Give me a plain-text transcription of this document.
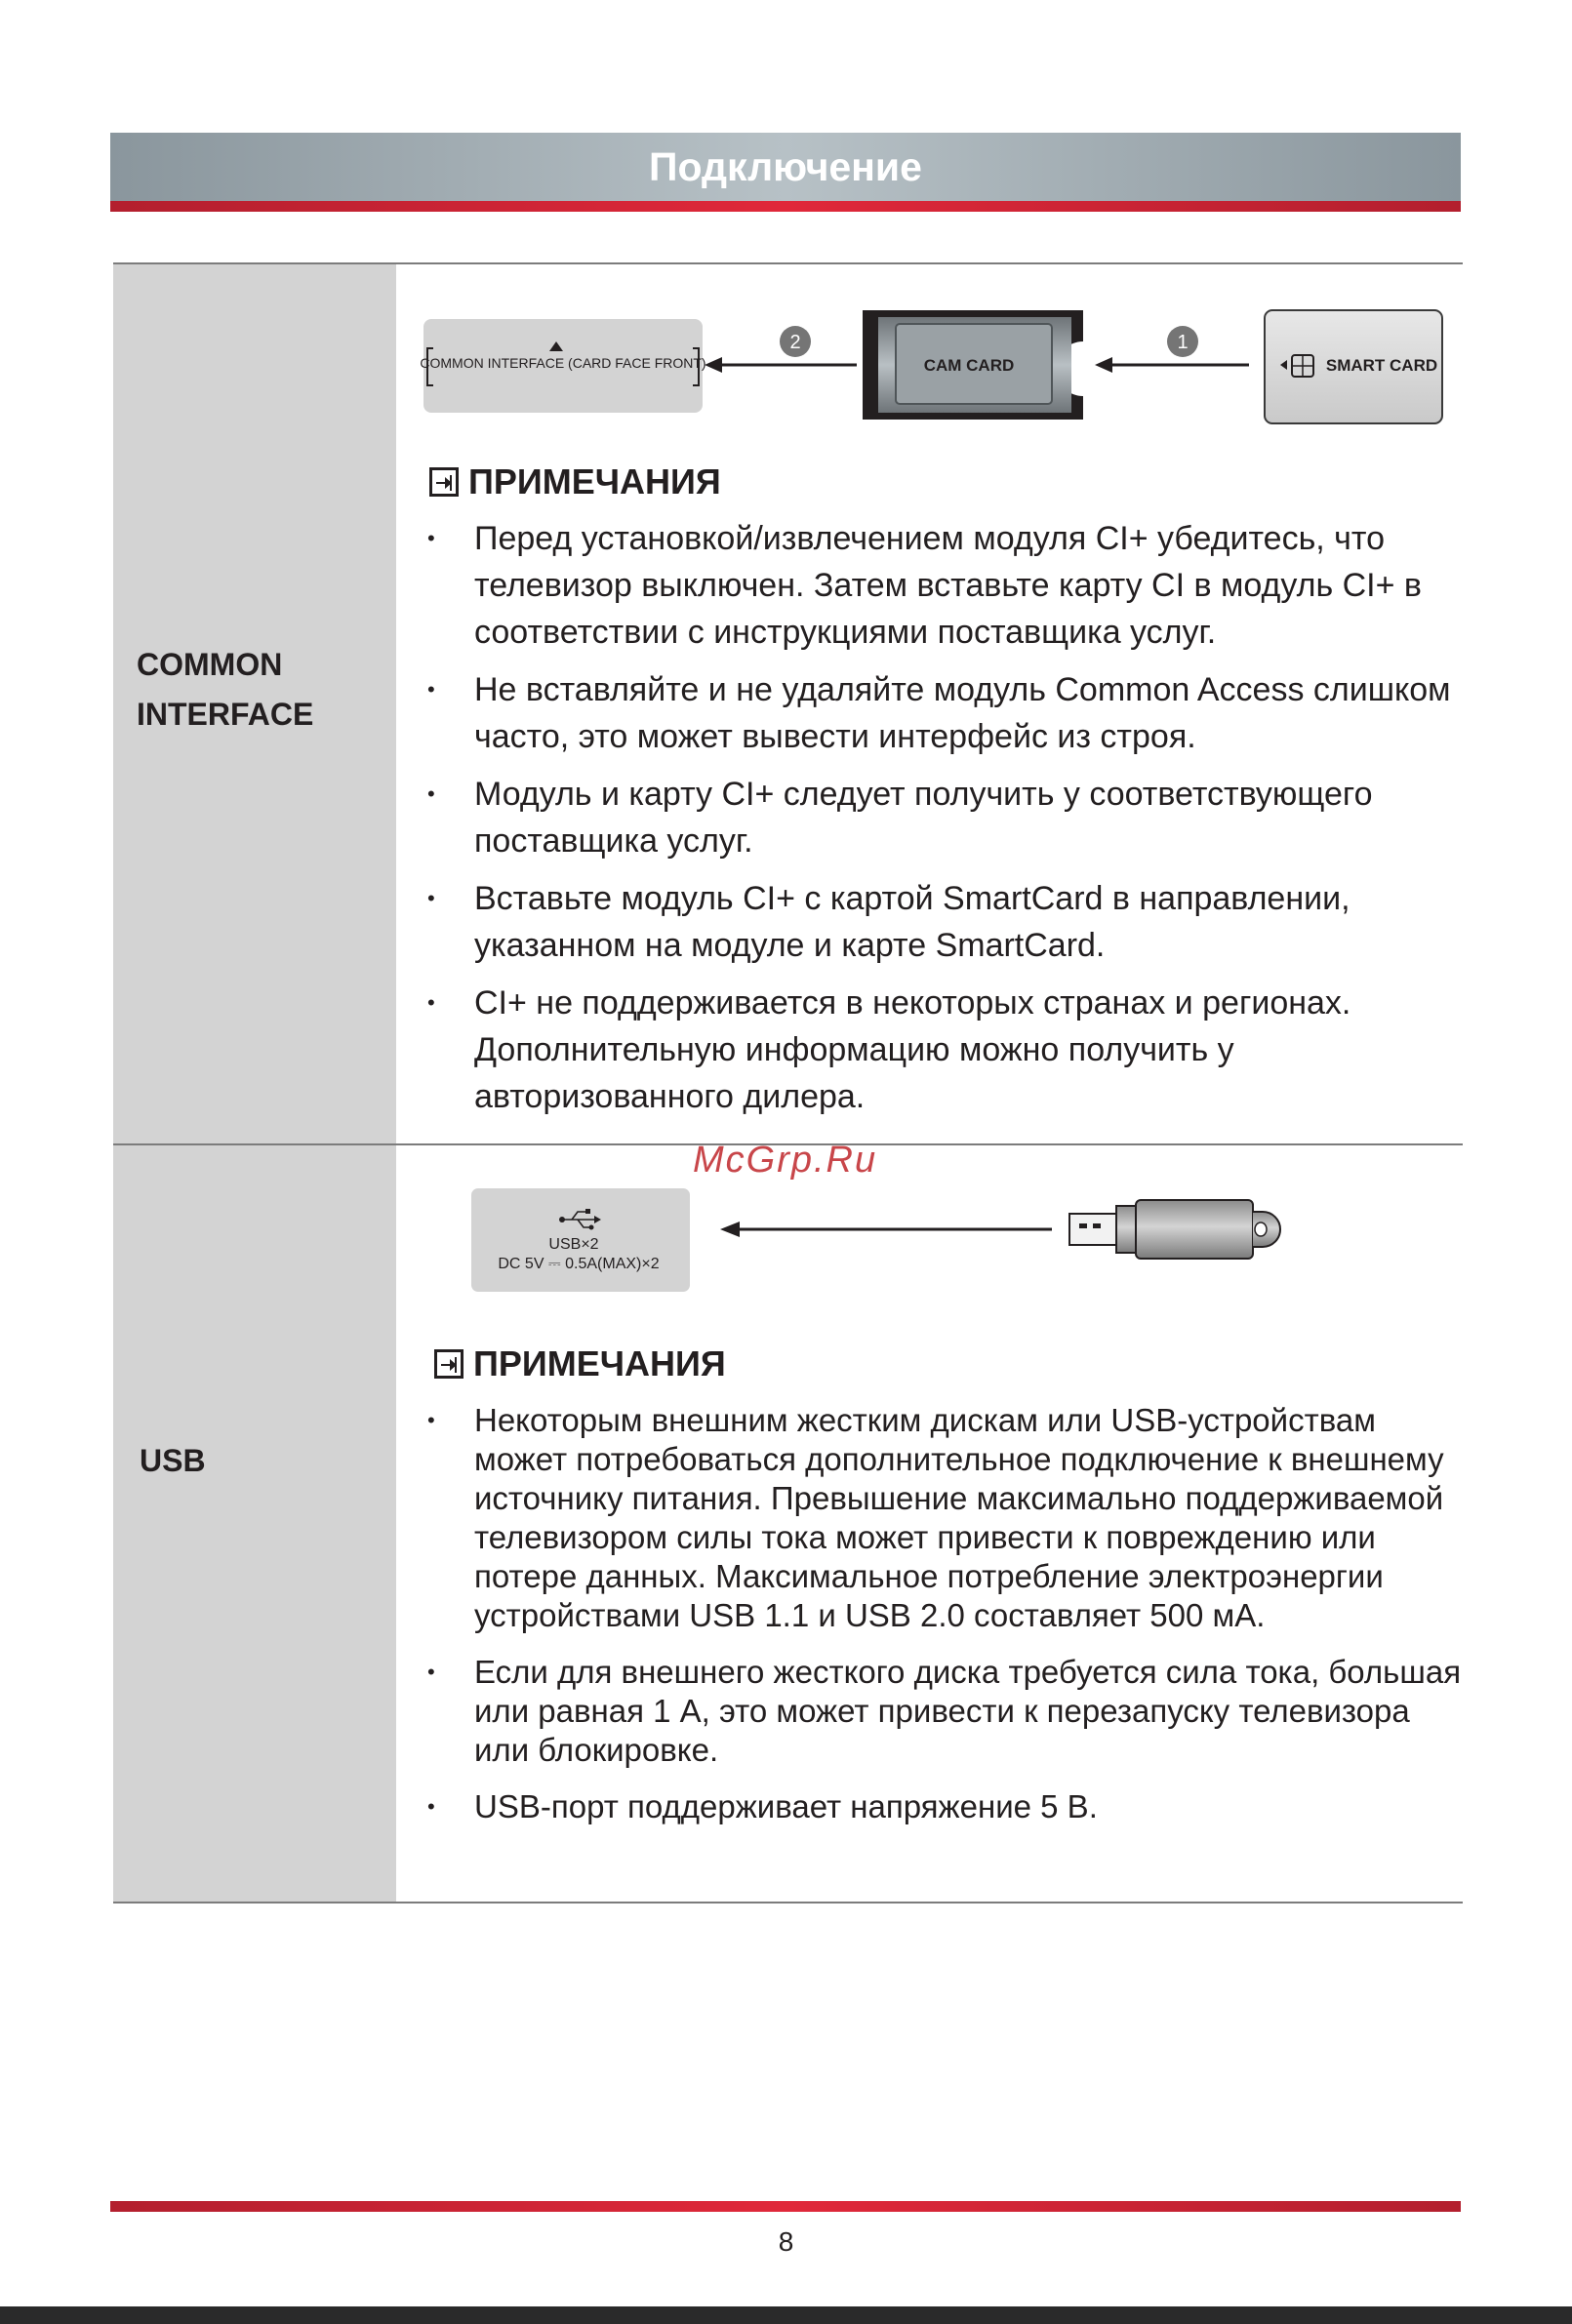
Подключение
COMMON
INTERFACE
COMMON INTERFACE (CARD FACE FRONT)
2
CAM CARD
1
SMART CARD
ПРИМЕЧАНИЯ
• Перед установкой/извлечением модуля CI+ убедитесь, что телевизор выключен. Затем вставьте карту CI в модуль CI+ в соответствии с инструкциями поставщика услуг.
• Не вставляйте и не удаляйте модуль Common Access слишком часто, это может вывести интерфейс из строя.
• Модуль и карту CI+ следует получить у соответствующего поставщика услуг.
• Вставьте модуль CI+ с картой SmartCard в направлении, указанном на модуле и карте SmartCard.
• CI+ не поддерживается в некоторых странах и регионах. Дополнительную информацию можно получить у авторизованного дилера.
McGrp.Ru
USB
USB×2
DC 5V ⎓ 0.5A(MAX)×2
ПРИМЕЧАНИЯ
• Некоторым внешним жестким дискам или USB-устройствам может потребоваться дополнительное подключение к внешнему источнику питания. Превышение максимально поддерживаемой телевизором силы тока может привести к повреждению или потере данных. Максимальное потребление электроэнергии устройствами USB 1.1 и USB 2.0 составляет 500 мА.
• Если для внешнего жесткого диска требуется сила тока, большая или равная 1 А, это может привести к перезапуску телевизора или блокировке.
• USB-порт поддерживает напряжение 5 В.
8
